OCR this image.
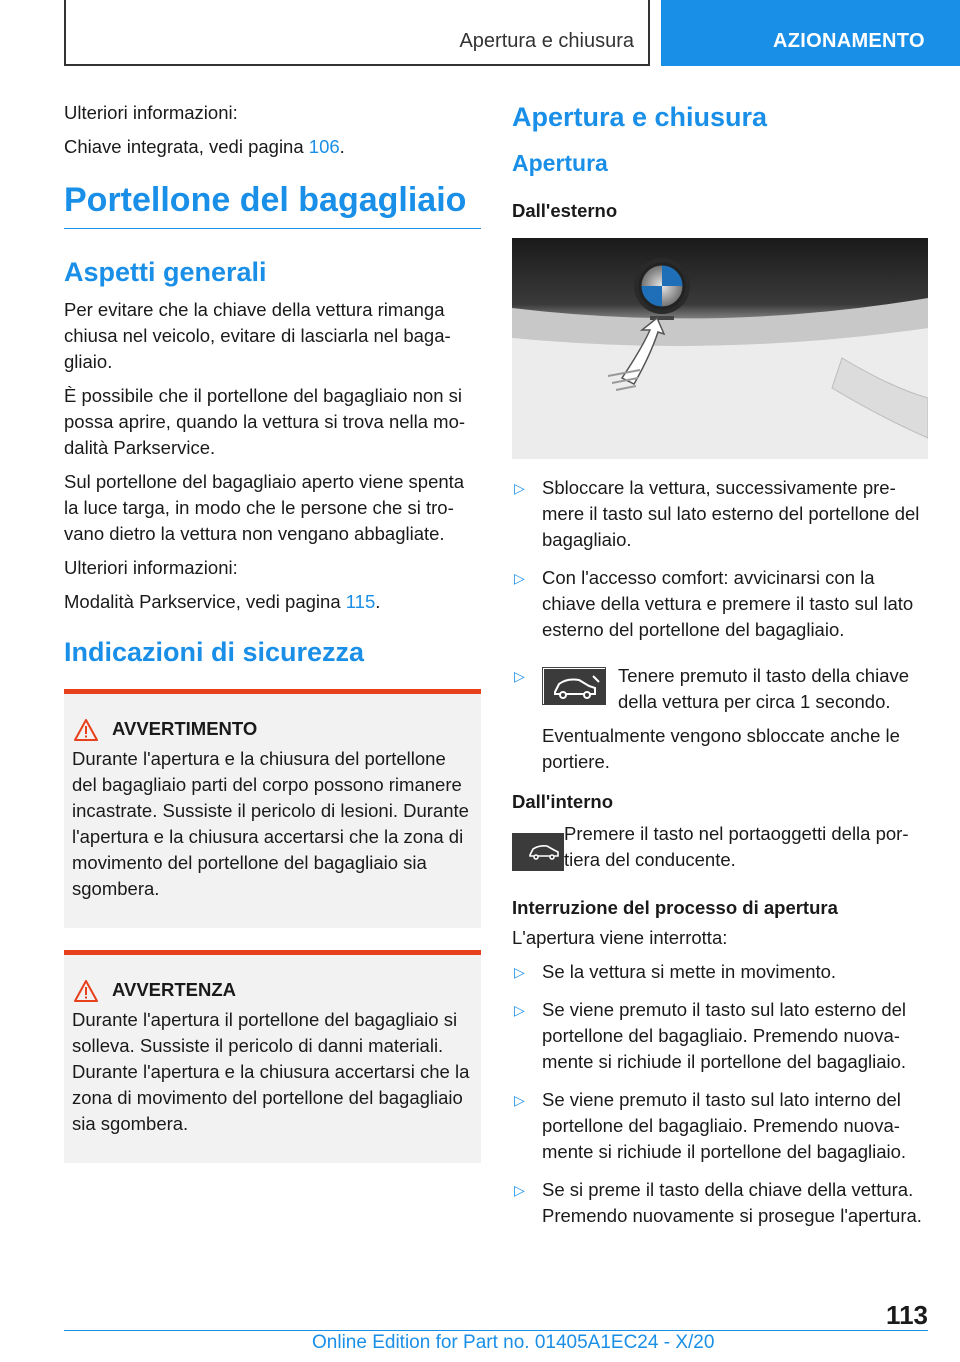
Apertura e chiusura	AZIONAMENTO

Ulteriori informazioni:

Chiave integrata, vedi pagina 106.

Portellone del bagagliaio
Aspetti generali

Per evitare che la chiave della vettura rimanga chiusa nel veicolo, evitare di lasciarla nel bagagliaio.

È possibile che il portellone del bagagliaio non si possa aprire, quando la vettura si trova nella modalità Parkservice.

Sul portellone del bagagliaio aperto viene spenta la luce targa, in modo che le persone che si trovano dietro la vettura non vengano abbagliate.

Ulteriori informazioni:

Modalità Parkservice, vedi pagina 115.

Indicazioni di sicurezza
AVVERTIMENTO

Durante l'apertura e la chiusura del portellone del bagagliaio parti del corpo possono rimanere incastrate. Sussiste il pericolo di lesioni. Durante l'apertura e la chiusura accertarsi che la zona di movimento del portellone del bagagliaio sia sgombera.

AVVERTENZA

Durante l'apertura il portellone del bagagliaio si solleva. Sussiste il pericolo di danni materiali. Durante l'apertura e la chiusura accertarsi che la zona di movimento del portellone del bagagliaio sia sgombera.

Apertura e chiusura
Apertura
Dall'esterno
▷ Sbloccare la vettura, successivamente premere il tasto sul lato esterno del portellone del bagagliaio.
▷ Con l'accesso comfort: avvicinarsi con la chiave della vettura e premere il tasto sul lato esterno del portellone del bagagliaio.
▷	Tenere premuto il tasto della chiave della vettura per circa 1 secondo.

Eventualmente vengono sbloccate anche le portiere.

Dall'interno

Premere il tasto nel portaoggetti della portiera del conducente.

Interruzione del processo di apertura

L'apertura viene interrotta:

▷ Se la vettura si mette in movimento.
▷ Se viene premuto il tasto sul lato esterno del portellone del bagagliaio. Premendo nuovamente si richiude il portellone del bagagliaio.
▷ Se viene premuto il tasto sul lato interno del portellone del bagagliaio. Premendo nuovamente si richiude il portellone del bagagliaio.
▷ Se si preme il tasto della chiave della vettura. Premendo nuovamente si prosegue l'apertura.
113
Online Edition for Part no. 01405A1EC24 - X/20
